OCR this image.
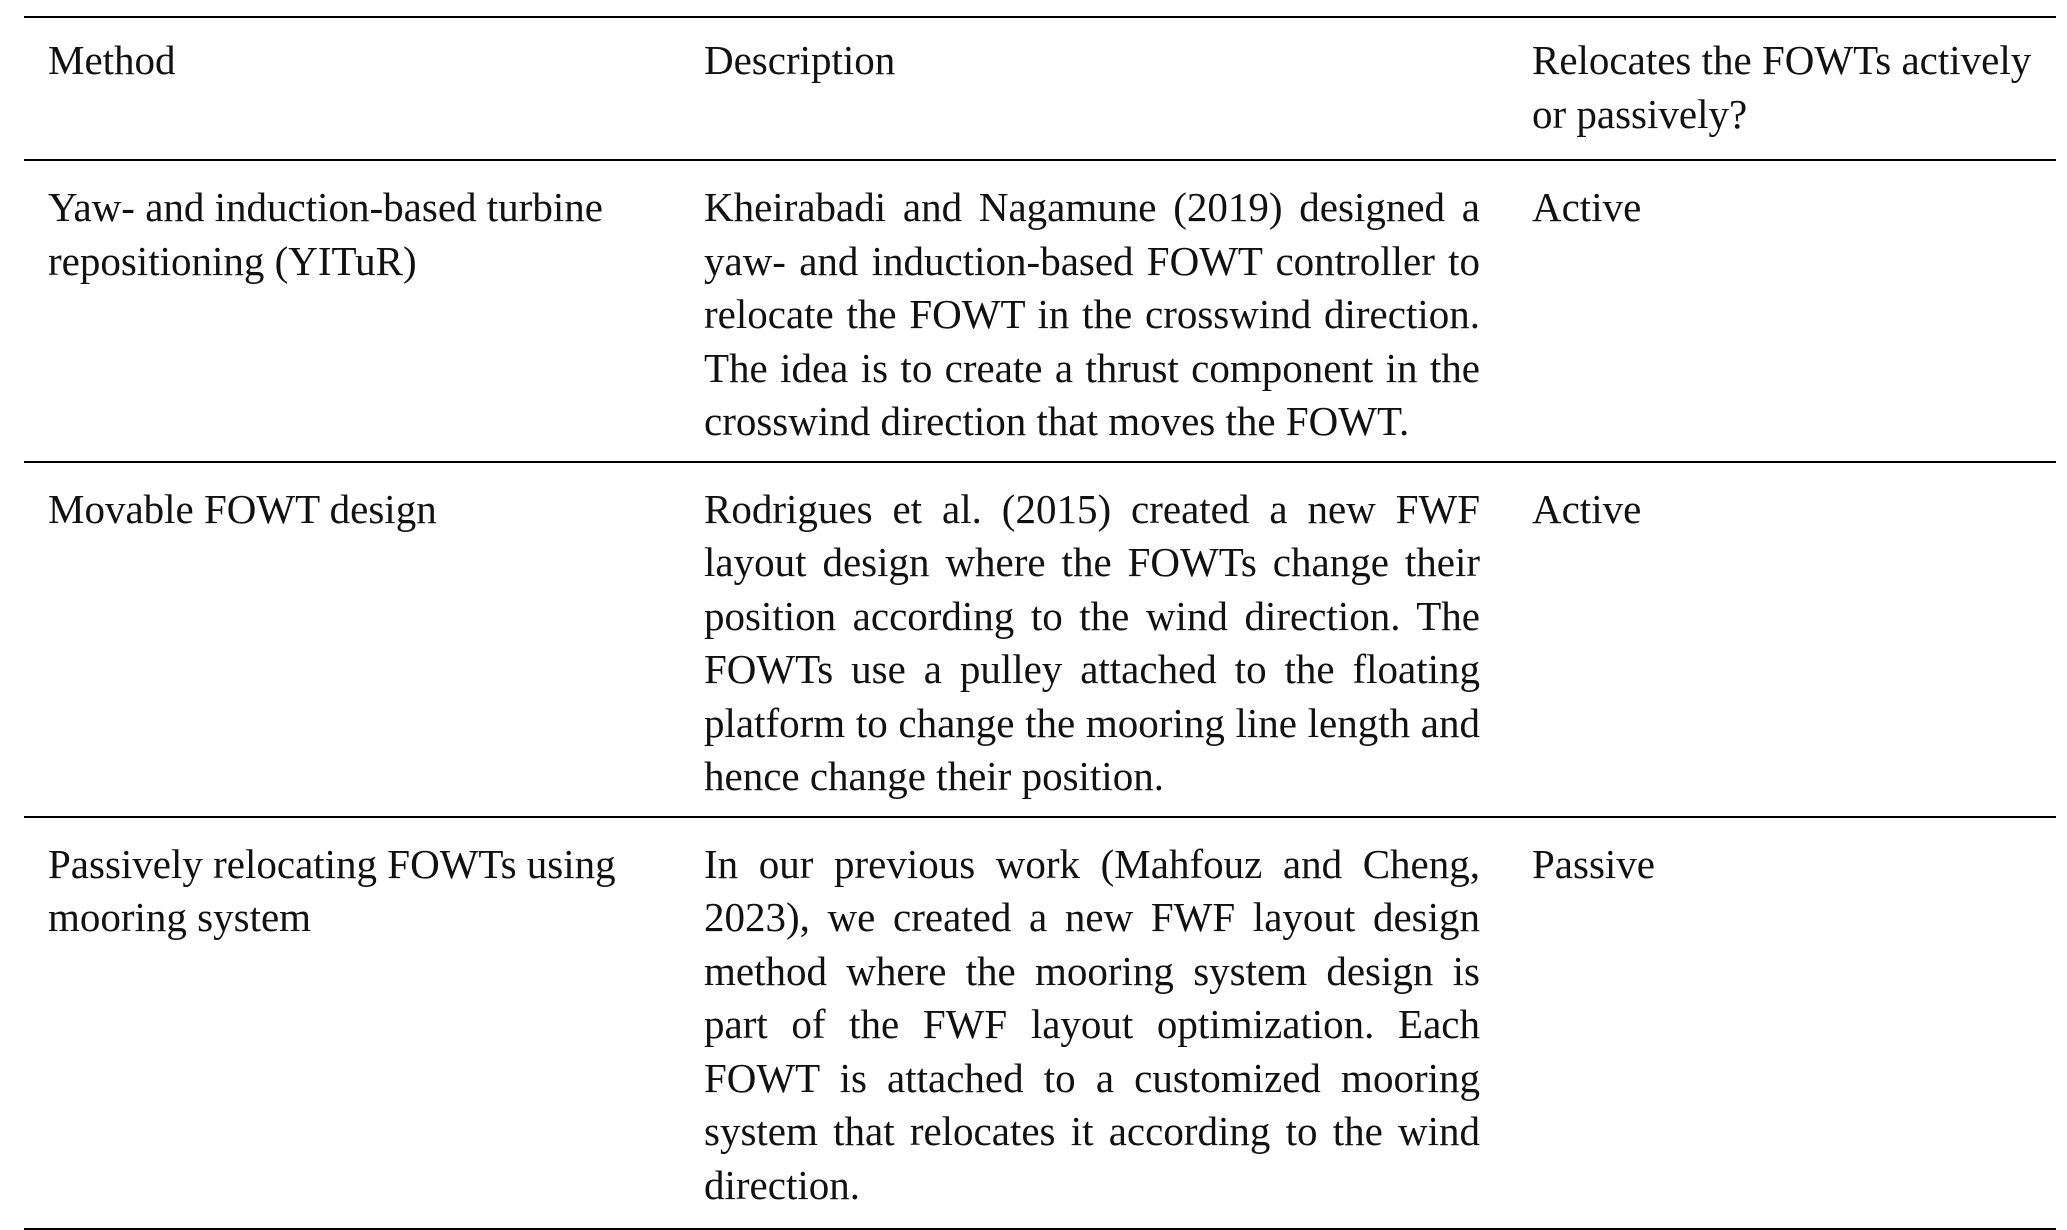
Method	Description	Relocates the FOWTs actively or passively?
Yaw- and induction-based turbine repositioning (YITuR)	Kheirabadi and Nagamune (2019) designed a yaw- and induction-based FOWT controller to relocate the FOWT in the crosswind direction. The idea is to create a thrust component in the crosswind direction that moves the FOWT.	Active
Movable FOWT design	Rodrigues et al. (2015) created a new FWF layout design where the FOWTs change their position according to the wind direction. The FOWTs use a pulley attached to the floating platform to change the mooring line length and hence change their position.	Active
Passively relocating FOWTs using mooring system	In our previous work (Mahfouz and Cheng, 2023), we created a new FWF layout design method where the mooring system design is part of the FWF layout optimization. Each FOWT is attached to a customized mooring system that relocates it according to the wind direction.	Passive
